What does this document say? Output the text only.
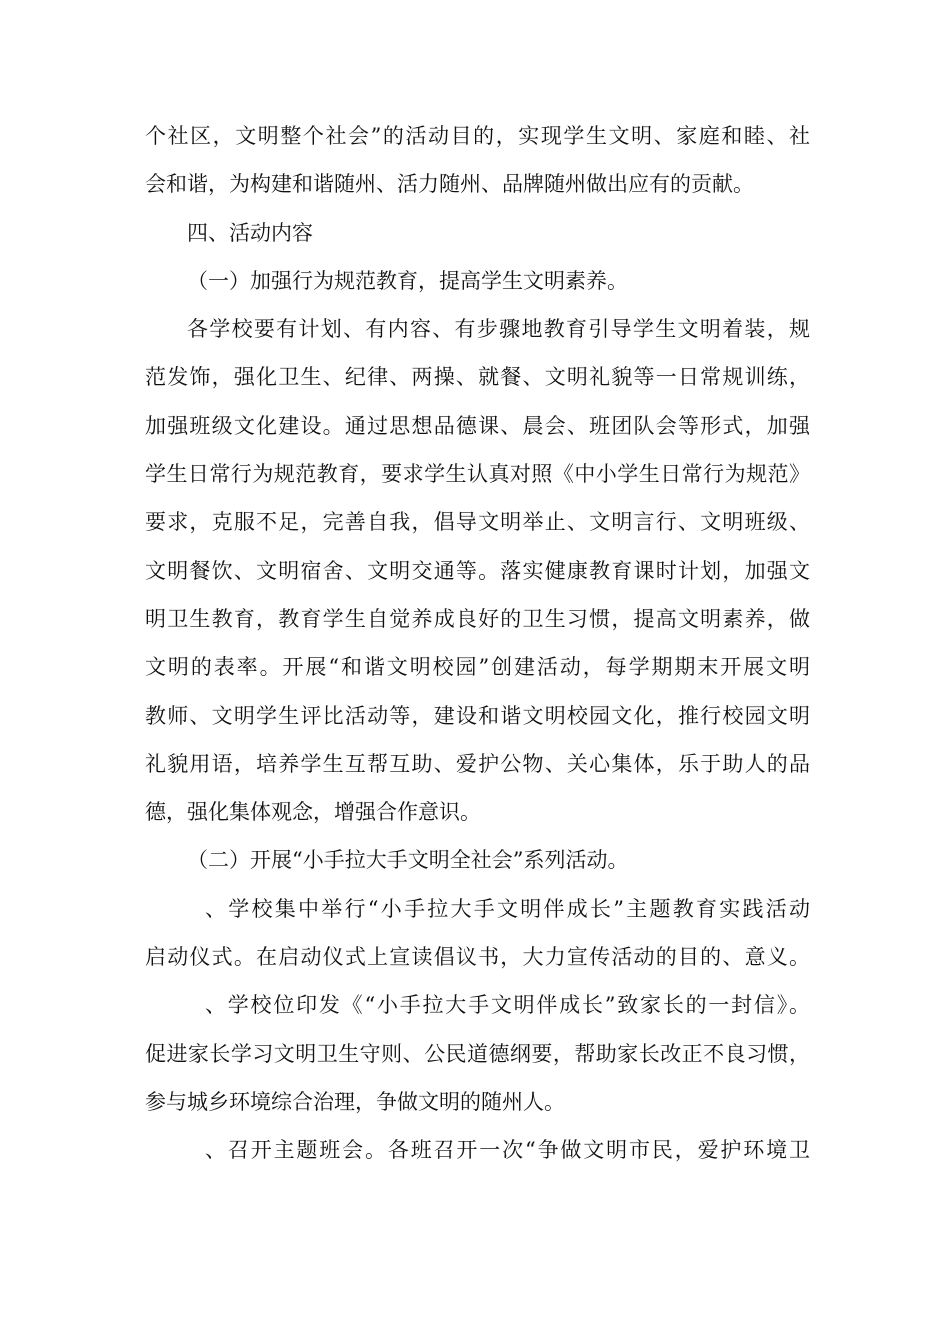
个社区，文明整个社会”的活动目的，实现学生文明、家庭和睦、社
会和谐，为构建和谐随州、活力随州、品牌随州做出应有的贡献。
四、活动内容
（一）加强行为规范教育，提高学生文明素养。
各学校要有计划、有内容、有步骤地教育引导学生文明着装，规
范发饰，强化卫生、纪律、两操、就餐、文明礼貌等一日常规训练，
加强班级文化建设。通过思想品德课、晨会、班团队会等形式，加强
学生日常行为规范教育，要求学生认真对照《中小学生日常行为规范》
要求，克服不足，完善自我，倡导文明举止、文明言行、文明班级、
文明餐饮、文明宿舍、文明交通等。落实健康教育课时计划，加强文
明卫生教育，教育学生自觉养成良好的卫生习惯，提高文明素养，做
文明的表率。开展“和谐文明校园”创建活动，每学期期末开展文明
教师、文明学生评比活动等，建设和谐文明校园文化，推行校园文明
礼貌用语，培养学生互帮互助、爱护公物、关心集体，乐于助人的品
德，强化集体观念，增强合作意识。
（二）开展“小手拉大手文明全社会”系列活动。
、学校集中举行“小手拉大手文明伴成长”主题教育实践活动
启动仪式。在启动仪式上宣读倡议书，大力宣传活动的目的、意义。
、学校位印发《“小手拉大手文明伴成长”致家长的一封信》。
促进家长学习文明卫生守则、公民道德纲要，帮助家长改正不良习惯，
参与城乡环境综合治理，争做文明的随州人。
、召开主题班会。各班召开一次“争做文明市民，爱护环境卫
